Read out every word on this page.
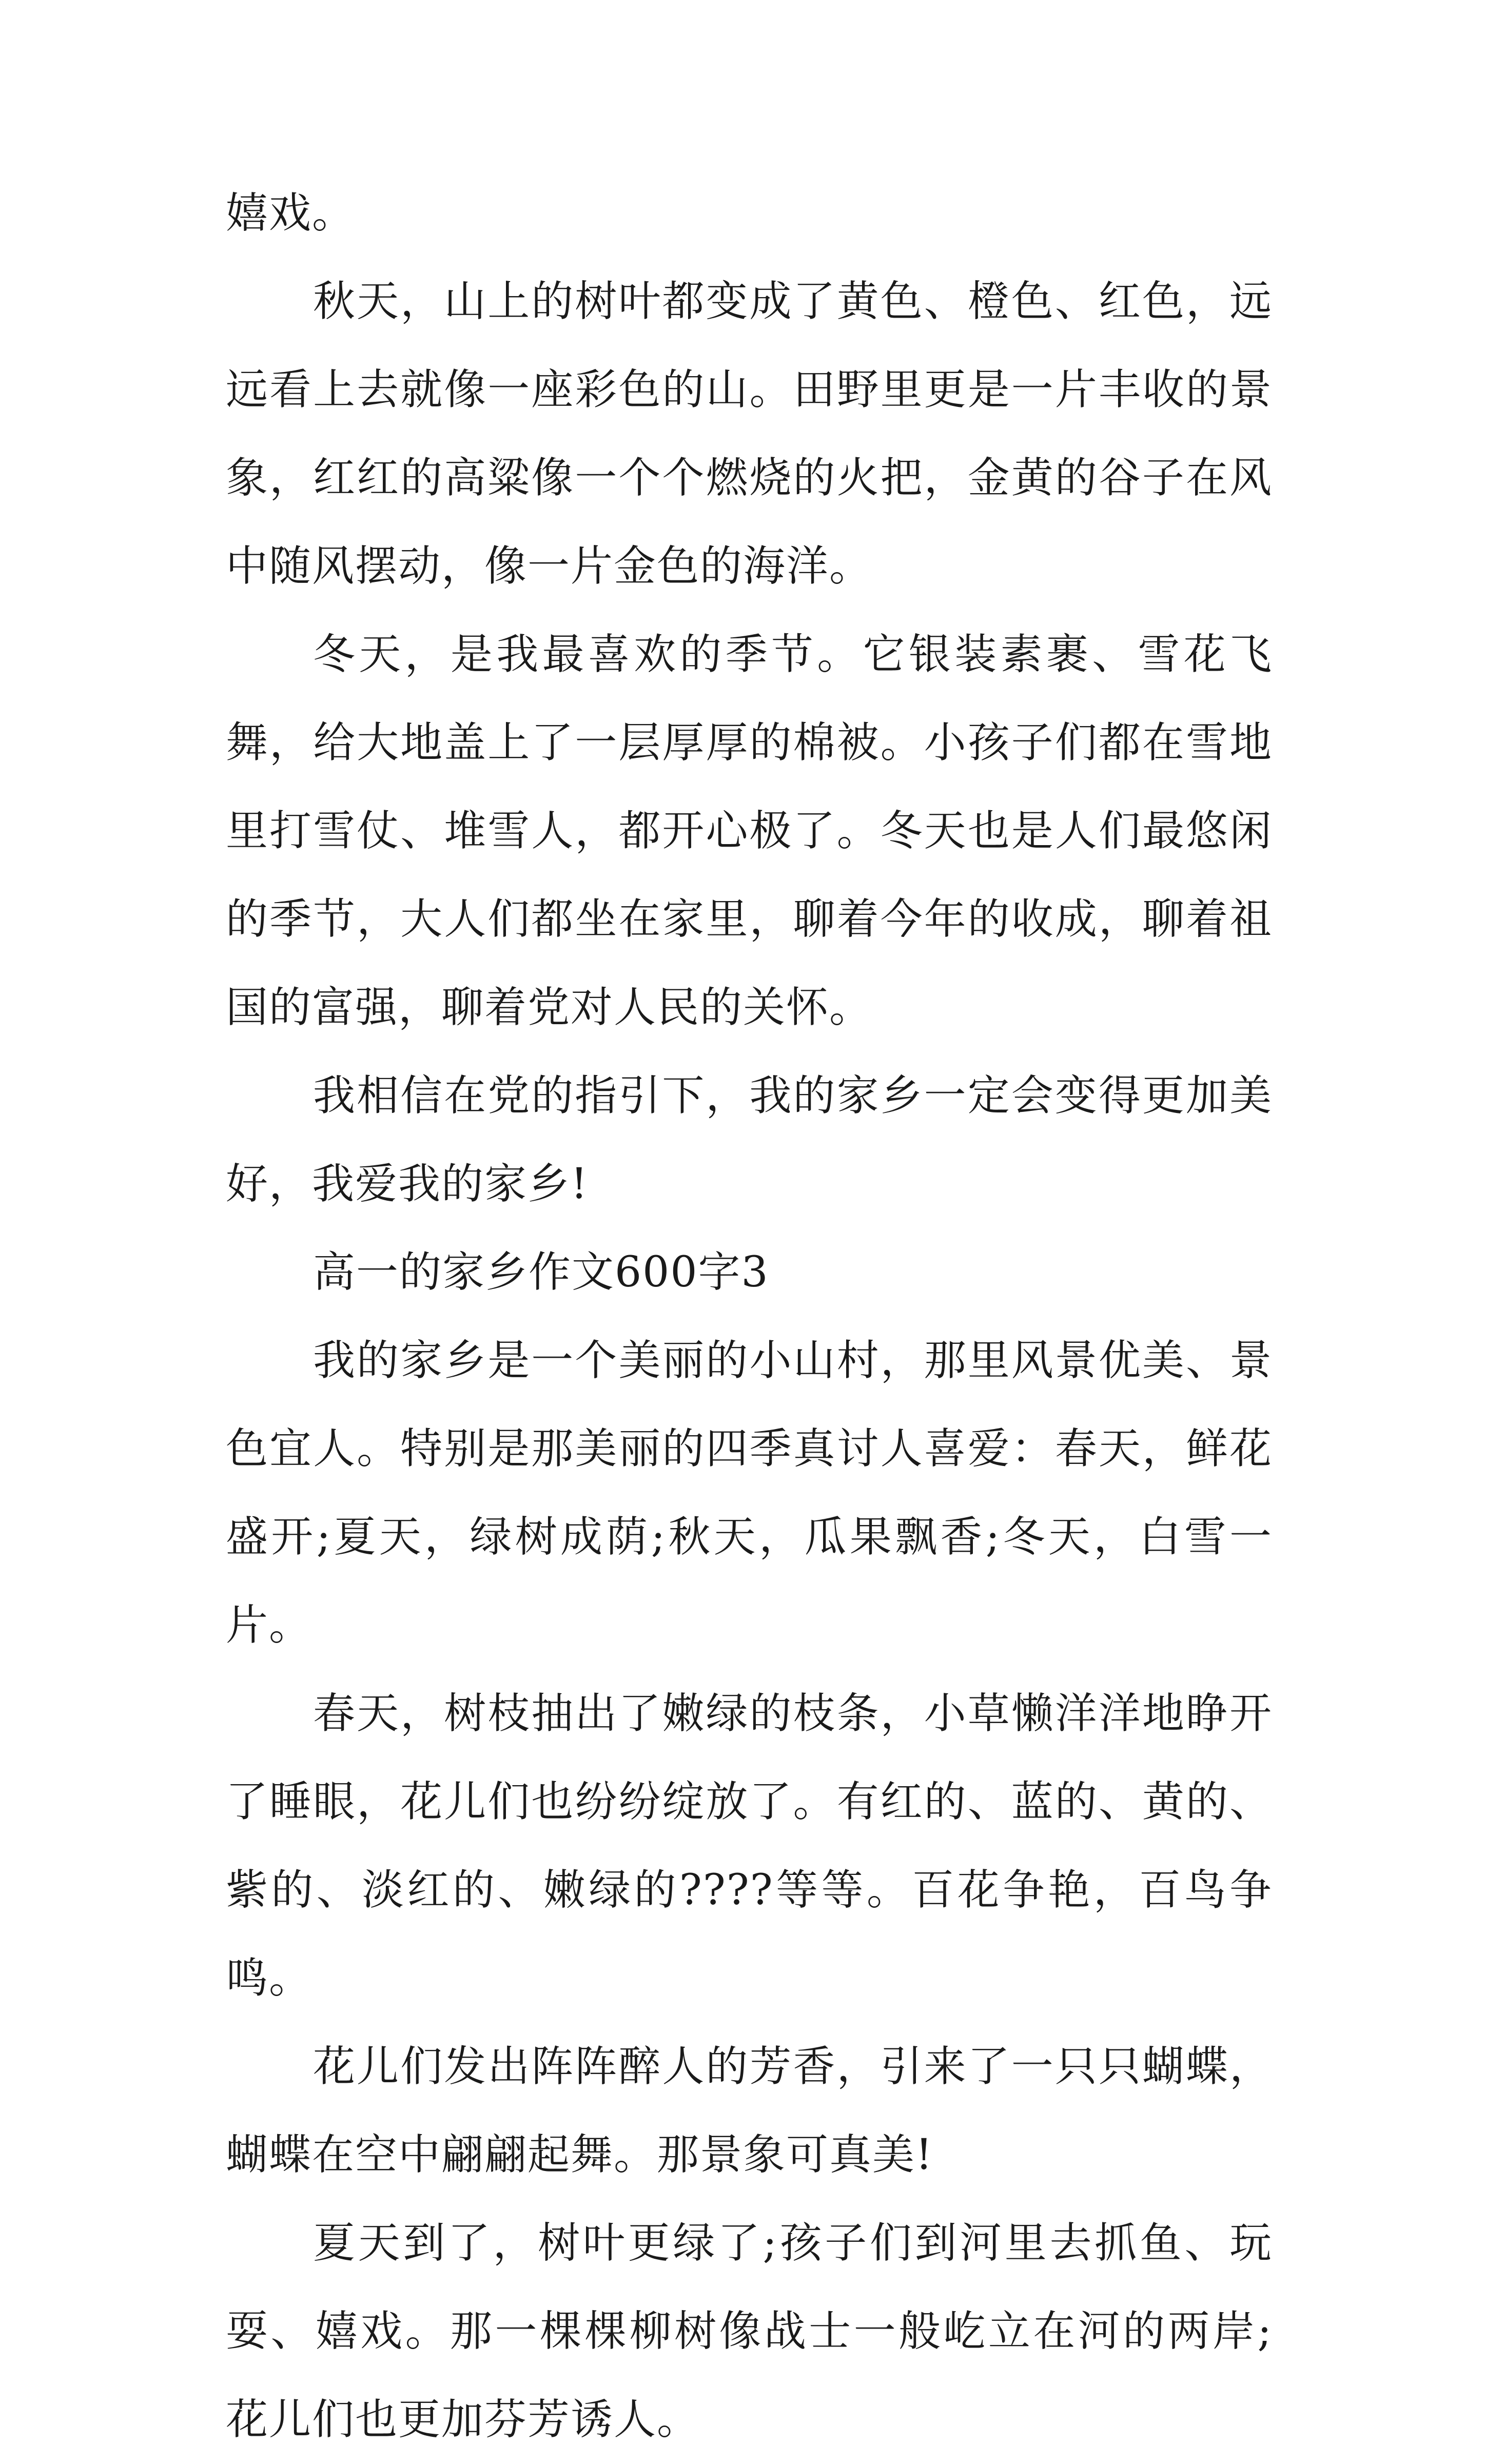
嬉戏。

秋天，山上的树叶都变成了黄色、橙色、红色，远远看上去就像一座彩色的山。田野里更是一片丰收的景象，红红的高粱像一个个燃烧的火把，金黄的谷子在风中随风摆动，像一片金色的海洋。

冬天，是我最喜欢的季节。它银装素裹、雪花飞舞，给大地盖上了一层厚厚的棉被。小孩子们都在雪地里打雪仗、堆雪人，都开心极了。冬天也是人们最悠闲的季节，大人们都坐在家里，聊着今年的收成，聊着祖国的富强，聊着党对人民的关怀。

我相信在党的指引下，我的家乡一定会变得更加美好，我爱我的家乡!

高一的家乡作文600字3

我的家乡是一个美丽的小山村，那里风景优美、景色宜人。特别是那美丽的四季真讨人喜爱：春天，鲜花盛开;夏天，绿树成荫;秋天，瓜果飘香;冬天，白雪一片。

春天，树枝抽出了嫩绿的枝条，小草懒洋洋地睁开了睡眼，花儿们也纷纷绽放了。有红的、蓝的、黄的、紫的、淡红的、嫩绿的????等等。百花争艳，百鸟争鸣。

花儿们发出阵阵醉人的芳香，引来了一只只蝴蝶，蝴蝶在空中翩翩起舞。那景象可真美!

夏天到了，树叶更绿了;孩子们到河里去抓鱼、玩耍、嬉戏。那一棵棵柳树像战士一般屹立在河的两岸;花儿们也更加芬芳诱人。
